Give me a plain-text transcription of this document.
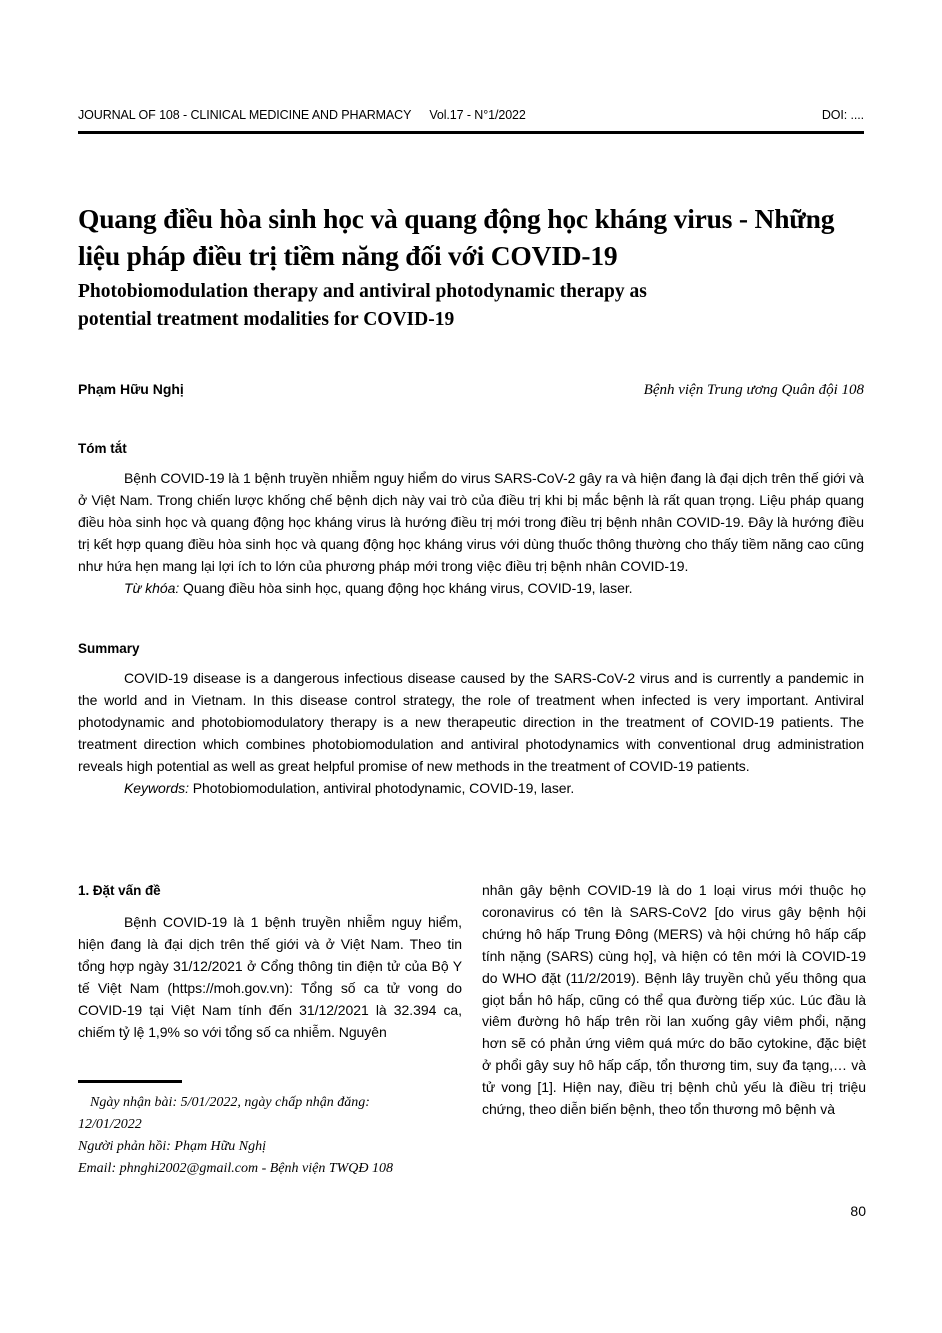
JOURNAL OF 108 - CLINICAL MEDICINE AND PHARMACY Vol.17 - N°1/2022	DOI: ....
Quang điều hòa sinh học và quang động học kháng virus - Những liệu pháp điều trị tiềm năng đối với COVID-19
Photobiomodulation therapy and antiviral photodynamic therapy as
potential treatment modalities for COVID-19
Phạm Hữu Nghị	Bệnh viện Trung ương Quân đội 108
Tóm tắt

Bệnh COVID-19 là 1 bệnh truyền nhiễm nguy hiểm do virus SARS-CoV-2 gây ra và hiện đang là đại dịch trên thế giới và ở Việt Nam. Trong chiến lược khống chế bệnh dịch này vai trò của điều trị khi bị mắc bệnh là rất quan trọng. Liệu pháp quang điều hòa sinh học và quang động học kháng virus là hướng điều trị mới trong điều trị bệnh nhân COVID-19. Đây là hướng điều trị kết hợp quang điều hòa sinh học và quang động học kháng virus với dùng thuốc thông thường cho thấy tiềm năng cao cũng như hứa hẹn mang lại lợi ích to lớn của phương pháp mới trong việc điều trị bệnh nhân COVID-19.

Từ khóa: Quang điều hòa sinh học, quang động học kháng virus, COVID-19, laser.
Summary

COVID-19 disease is a dangerous infectious disease caused by the SARS-CoV-2 virus and is currently a pandemic in the world and in Vietnam. In this disease control strategy, the role of treatment when infected is very important. Antiviral photodynamic and photobiomodulatory therapy is a new therapeutic direction in the treatment of COVID-19 patients. The treatment direction which combines photobiomodulation and antiviral photodynamics with conventional drug administration reveals high potential as well as great helpful promise of new methods in the treatment of COVID-19 patients.

Keywords: Photobiomodulation, antiviral photodynamic, COVID-19, laser.
1. Đặt vấn đề

Bệnh COVID-19 là 1 bệnh truyền nhiễm nguy hiểm, hiện đang là đại dịch trên thế giới và ở Việt Nam. Theo tin tổng hợp ngày 31/12/2021 ở Cổng thông tin điện tử của Bộ Y tế Việt Nam (https://moh.gov.vn): Tổng số ca tử vong do COVID-19 tại Việt Nam tính đến 31/12/2021 là 32.394 ca, chiếm tỷ lệ 1,9% so với tổng số ca nhiễm. Nguyên

nhân gây bệnh COVID-19 là do 1 loại virus mới thuộc họ coronavirus có tên là SARS-CoV2 [do virus gây bệnh hội chứng hô hấp Trung Đông (MERS) và hội chứng hô hấp cấp tính nặng (SARS) cùng họ], và hiện có tên mới là COVID-19 do WHO đặt (11/2/2019). Bệnh lây truyền chủ yếu thông qua giọt bắn hô hấp, cũng có thể qua đường tiếp xúc. Lúc đầu là viêm đường hô hấp trên rồi lan xuống gây viêm phổi, nặng hơn sẽ có phản ứng viêm quá mức do bão cytokine, đặc biệt ở phổi gây suy hô hấp cấp, tổn thương tim, suy đa tạng,… và tử vong [1]. Hiện nay, điều trị bệnh chủ yếu là điều trị triệu chứng, theo diễn biến bệnh, theo tổn thương mô bệnh và

Ngày nhận bài: 5/01/2022, ngày chấp nhận đăng:

12/01/2022

Người phản hồi: Phạm Hữu Nghị

Email: phnghi2002@gmail.com - Bệnh viện TWQĐ 108

80
